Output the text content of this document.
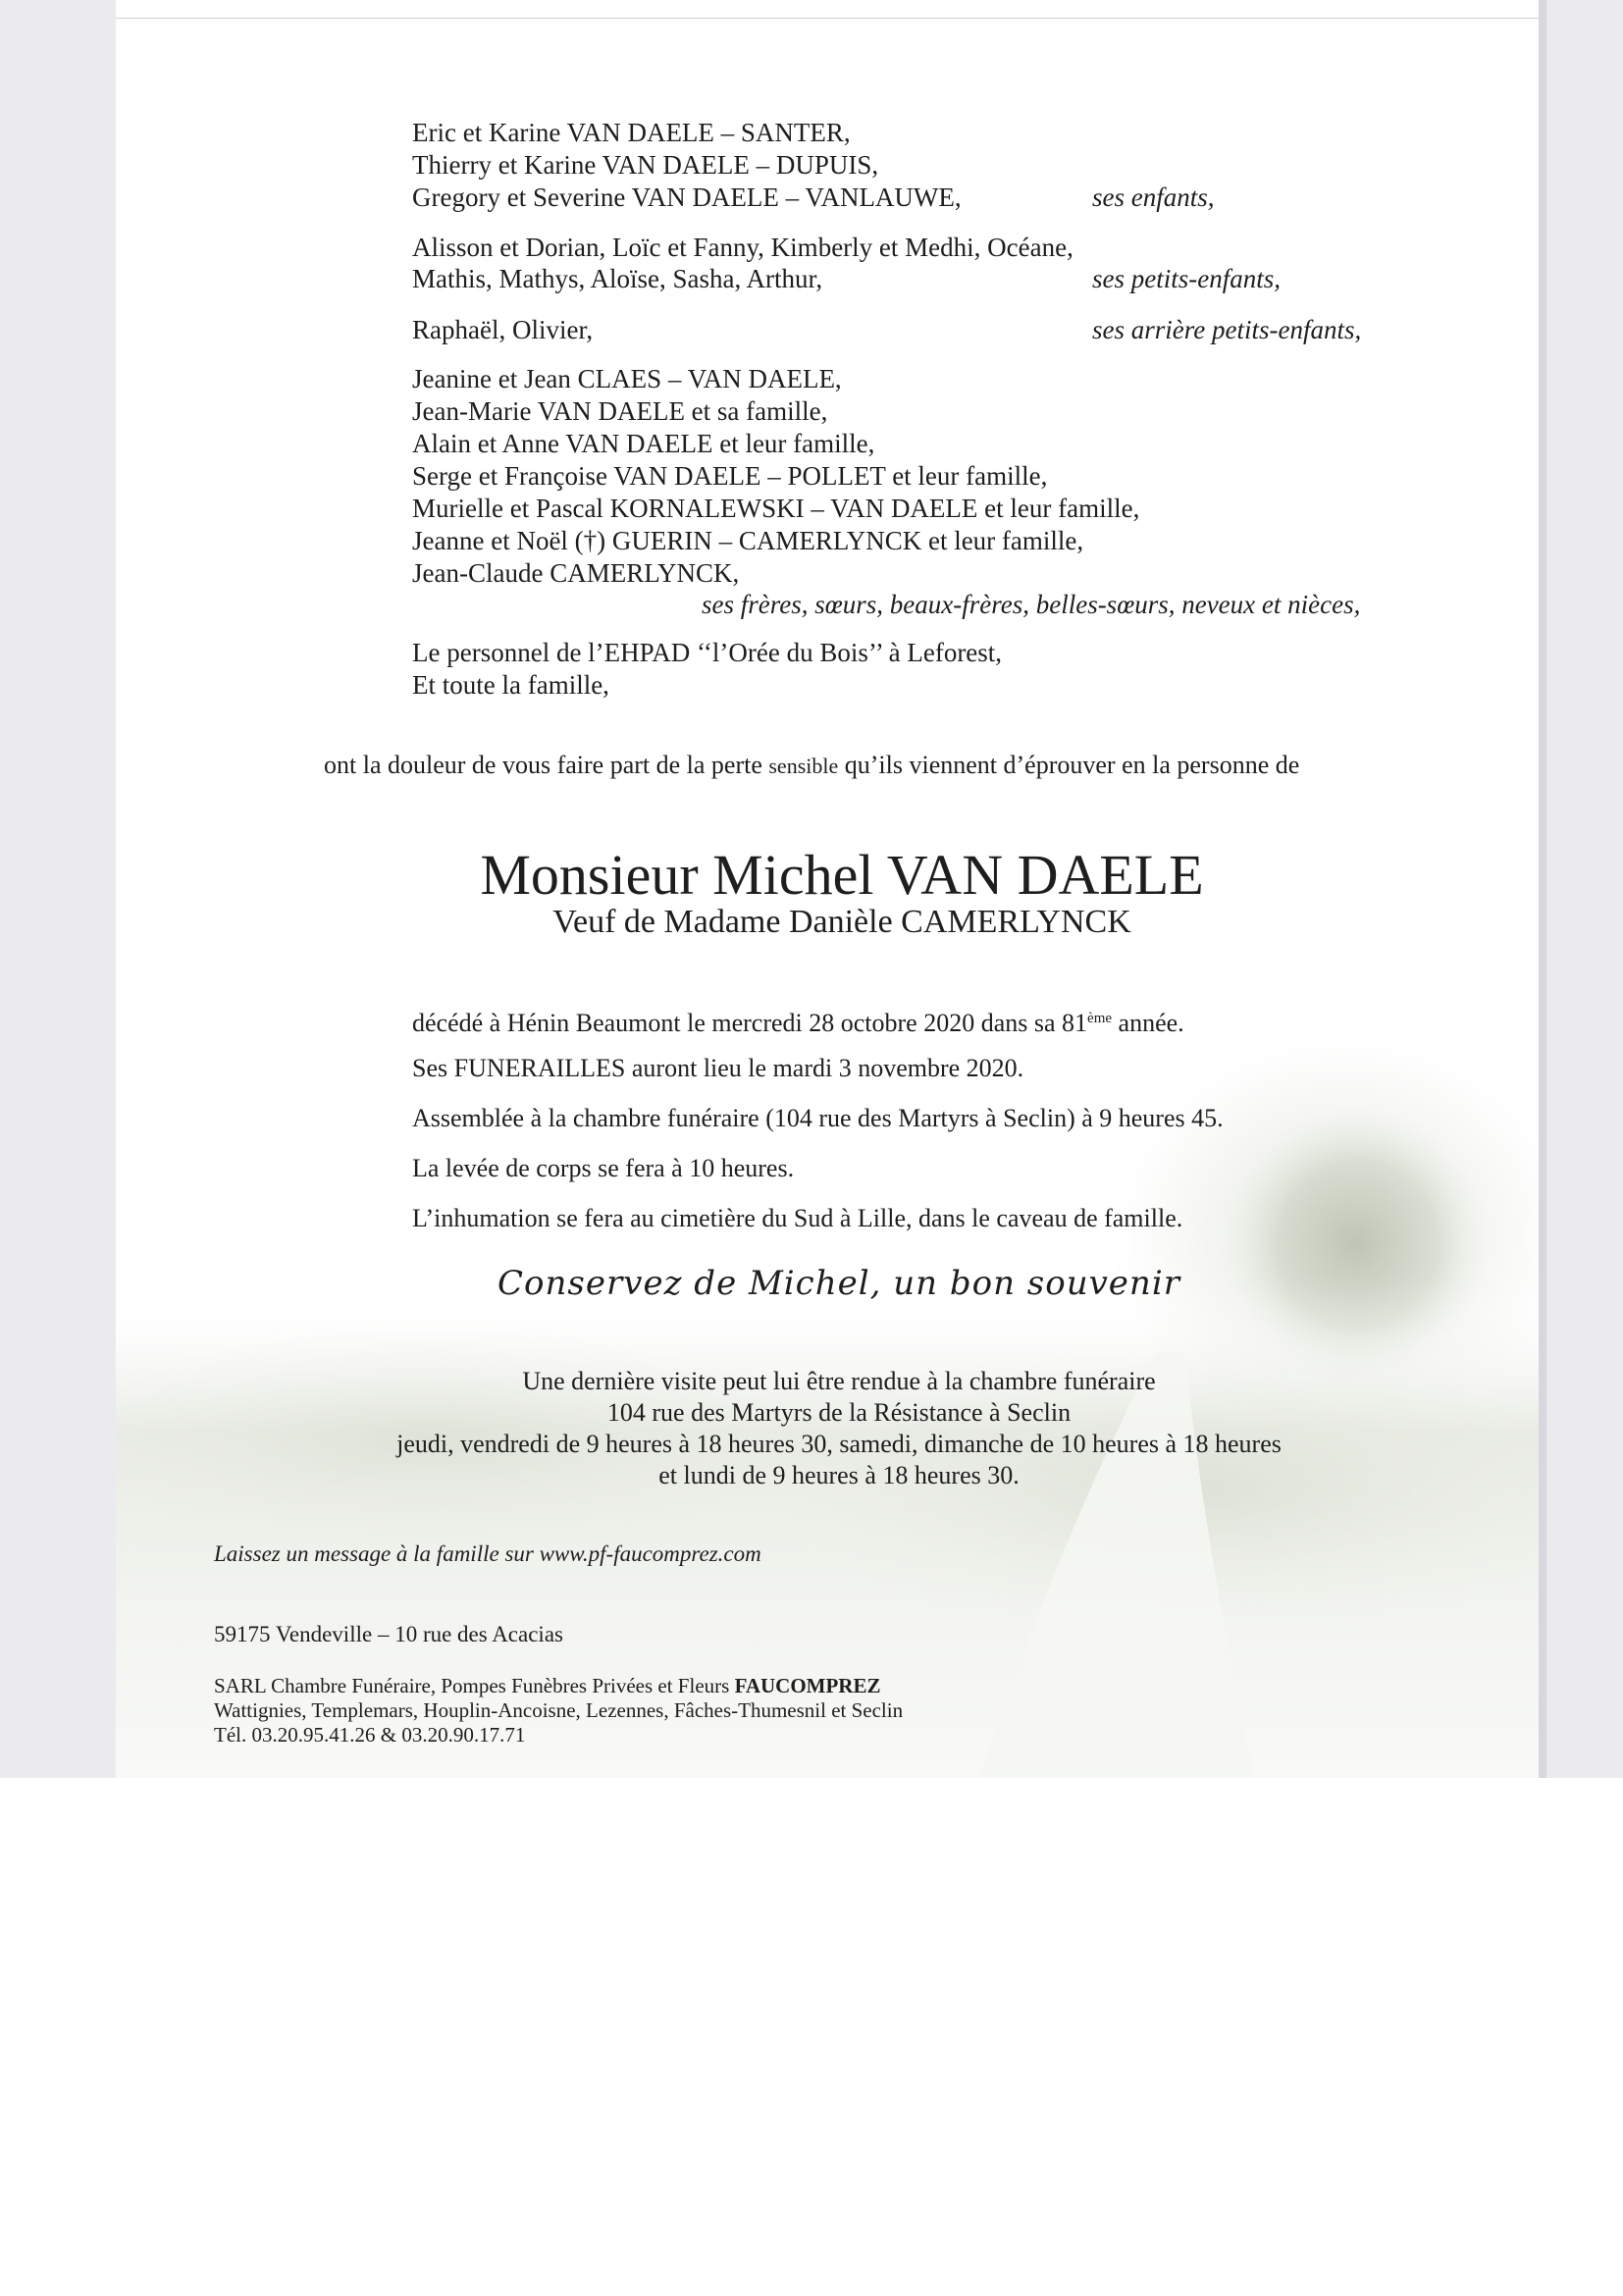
Eric et Karine VAN DAELE – SANTER,
Thierry et Karine VAN DAELE – DUPUIS,
Gregory et Severine VAN DAELE – VANLAUWE,	ses enfants,
Alisson et Dorian, Loïc et Fanny, Kimberly et Medhi, Océane,
Mathis, Mathys, Aloïse, Sasha, Arthur,	ses petits-enfants,
Raphaël, Olivier,	ses arrière petits-enfants,
Jeanine et Jean CLAES – VAN DAELE,
Jean-Marie VAN DAELE et sa famille,
Alain et Anne VAN DAELE et leur famille,
Serge et Françoise VAN DAELE – POLLET et leur famille,
Murielle et Pascal KORNALEWSKI – VAN DAELE et leur famille,
Jeanne et Noël (†) GUERIN – CAMERLYNCK et leur famille,
Jean-Claude CAMERLYNCK,
ses frères, sœurs, beaux-frères, belles-sœurs, neveux et nièces,
Le personnel de l’EHPAD ‘‘l’Orée du Bois’’ à Leforest,
Et toute la famille,
ont la douleur de vous faire part de la perte sensible qu’ils viennent d’éprouver en la personne de
Monsieur Michel VAN DAELE
Veuf de Madame Danièle CAMERLYNCK
décédé à Hénin Beaumont le mercredi 28 octobre 2020 dans sa 81ème année.
Ses FUNERAILLES auront lieu le mardi 3 novembre 2020.
Assemblée à la chambre funéraire (104 rue des Martyrs à Seclin) à 9 heures 45.
La levée de corps se fera à 10 heures.
L’inhumation se fera au cimetière du Sud à Lille, dans le caveau de famille.
Conservez de Michel, un bon souvenir
Une dernière visite peut lui être rendue à la chambre funéraire
104 rue des Martyrs de la Résistance à Seclin
jeudi, vendredi de 9 heures à 18 heures 30, samedi, dimanche de 10 heures à 18 heures
et lundi de 9 heures à 18 heures 30.
Laissez un message à la famille sur www.pf-faucomprez.com
59175 Vendeville – 10 rue des Acacias
SARL Chambre Funéraire, Pompes Funèbres Privées et Fleurs FAUCOMPREZ
Wattignies, Templemars, Houplin-Ancoisne, Lezennes, Fâches-Thumesnil et Seclin
Tél. 03.20.95.41.26 & 03.20.90.17.71
